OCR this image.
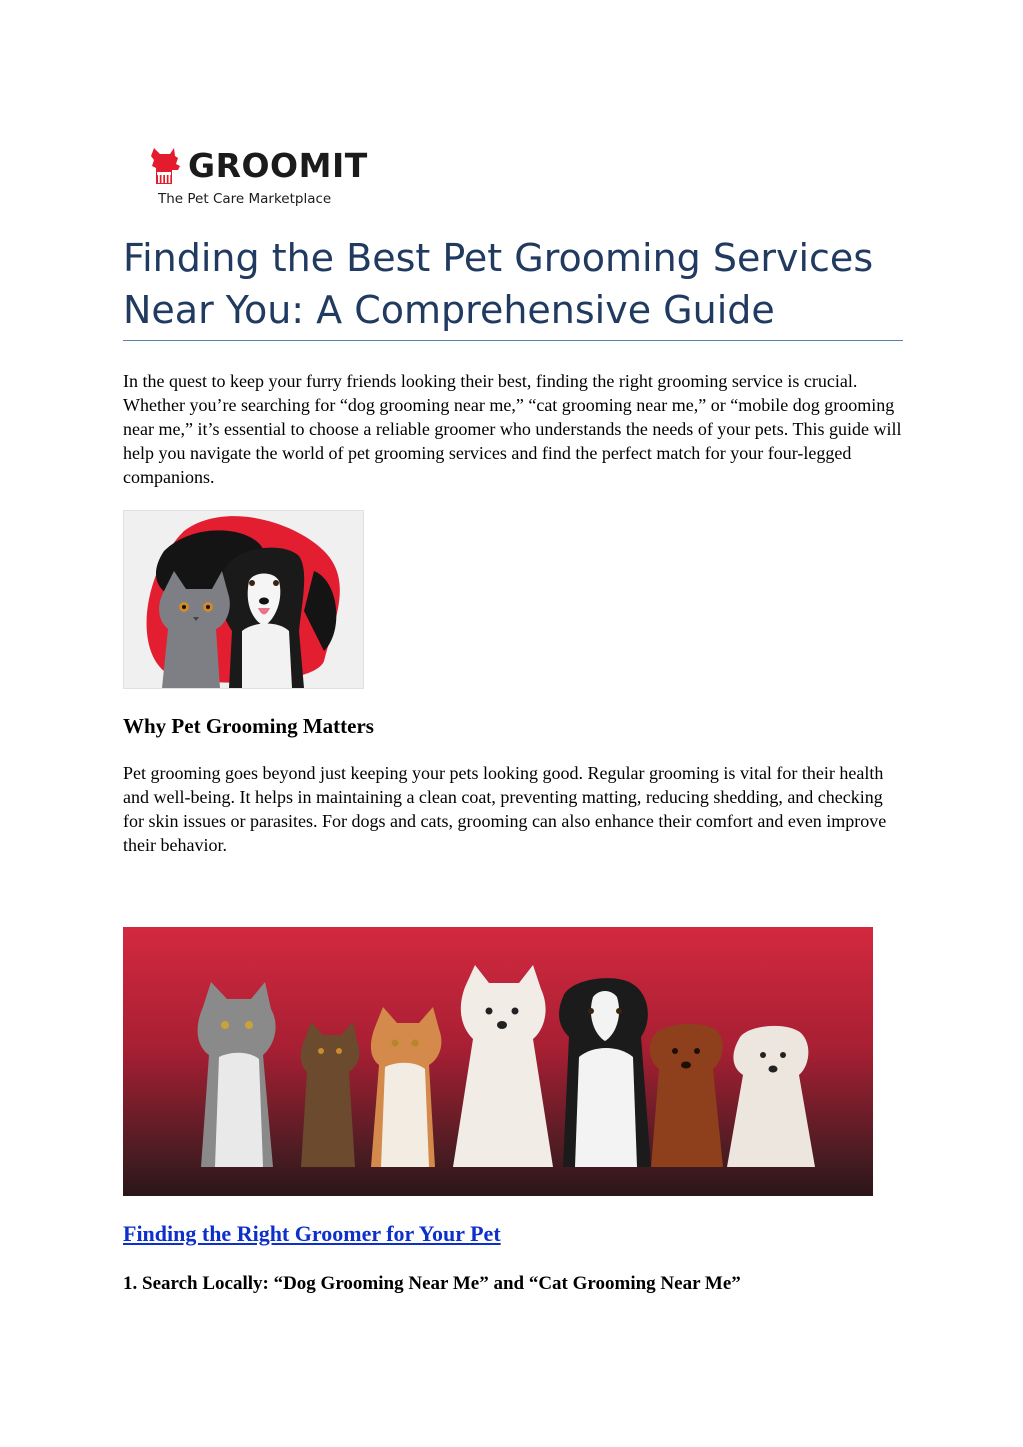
GROOMIT
The Pet Care Marketplace
Finding the Best Pet Grooming Services Near You: A Comprehensive Guide

In the quest to keep your furry friends looking their best, finding the right grooming service is crucial. Whether you’re searching for “dog grooming near me,” “cat grooming near me,” or “mobile dog grooming near me,” it’s essential to choose a reliable groomer who understands the needs of your pets. This guide will help you navigate the world of pet grooming services and find the perfect match for your four-legged companions.

Why Pet Grooming Matters

Pet grooming goes beyond just keeping your pets looking good. Regular grooming is vital for their health and well-being. It helps in maintaining a clean coat, preventing matting, reducing shedding, and checking for skin issues or parasites. For dogs and cats, grooming can also enhance their comfort and even improve their behavior.

Finding the Right Groomer for Your Pet
1. Search Locally: “Dog Grooming Near Me” and “Cat Grooming Near Me”
